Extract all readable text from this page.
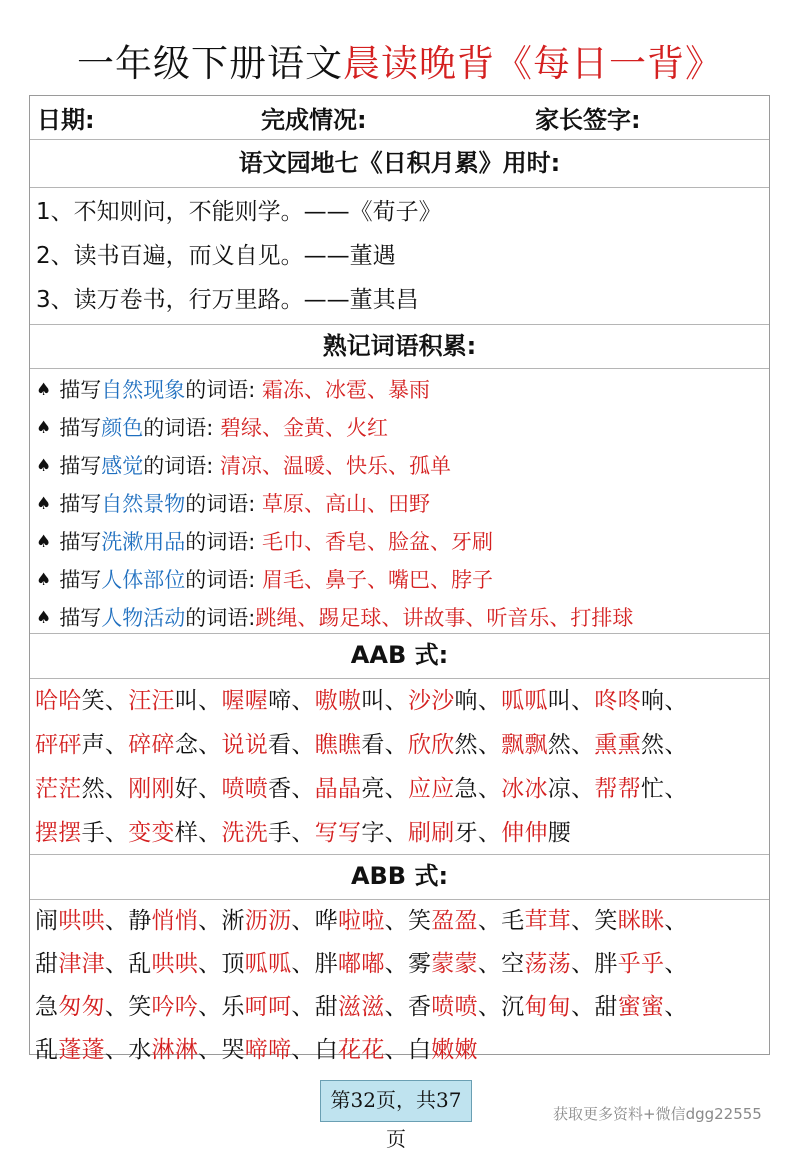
一年级下册语文晨读晚背《每日一背》
日期:	完成情况:	家长签字:
语文园地七《日积月累》用时:
1、不知则问，不能则学。——《荀子》
2、读书百遍，而义自见。——董遇
3、读万卷书，行万里路。——董其昌
熟记词语积累:
♠ 描写自然现象的词语: 霜冻、冰雹、暴雨
♠ 描写颜色的词语: 碧绿、金黄、火红
♠ 描写感觉的词语: 清凉、温暖、快乐、孤单
♠ 描写自然景物的词语: 草原、高山、田野
♠ 描写洗漱用品的词语: 毛巾、香皂、脸盆、牙刷
♠ 描写人体部位的词语: 眉毛、鼻子、嘴巴、脖子
♠ 描写人物活动的词语:跳绳、踢足球、讲故事、听音乐、打排球
AAB 式:
哈哈笑、汪汪叫、喔喔啼、嗷嗷叫、沙沙响、呱呱叫、咚咚响、
砰砰声、碎碎念、说说看、瞧瞧看、欣欣然、飘飘然、熏熏然、
茫茫然、刚刚好、喷喷香、晶晶亮、应应急、冰冰凉、帮帮忙、
摆摆手、变变样、洗洗手、写写字、刷刷牙、伸伸腰
ABB 式:
闹哄哄、静悄悄、淅沥沥、哗啦啦、笑盈盈、毛茸茸、笑眯眯、
甜津津、乱哄哄、顶呱呱、胖嘟嘟、雾蒙蒙、空荡荡、胖乎乎、
急匆匆、笑吟吟、乐呵呵、甜滋滋、香喷喷、沉甸甸、甜蜜蜜、
乱蓬蓬、水淋淋、哭啼啼、白花花、白嫩嫩
第32页，共37页
获取更多资料+微信dgg22555
